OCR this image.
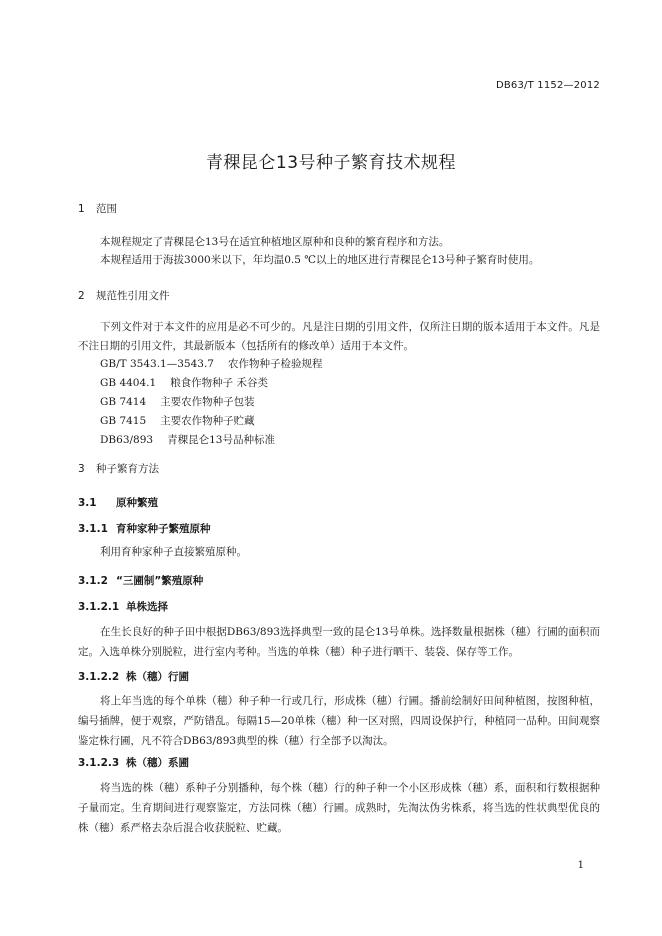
DB63/T 1152—2012
青稞昆仑13号种子繁育技术规程
1 范围
本规程规定了青稞昆仑13号在适宜种植地区原种和良种的繁育程序和方法。
本规程适用于海拔3000米以下，年均温0.5 ℃以上的地区进行青稞昆仑13号种子繁育时使用。
2 规范性引用文件
下列文件对于本文件的应用是必不可少的。凡是注日期的引用文件，仅所注日期的版本适用于本文件。凡是不注日期的引用文件，其最新版本（包括所有的修改单）适用于本文件。
GB/T 3543.1—3543.7 农作物种子检验规程
GB 4404.1 粮食作物种子 禾谷类
GB 7414 主要农作物种子包装
GB 7415 主要农作物种子贮藏
DB63/893 青稞昆仑13号品种标准
3 种子繁育方法
3.1 原种繁殖
3.1.1 育种家种子繁殖原种
利用育种家种子直接繁殖原种。
3.1.2 “三圃制”繁殖原种
3.1.2.1 单株选择
在生长良好的种子田中根据DB63/893选择典型一致的昆仑13号单株。选择数量根据株（穗）行圃的面积而定。入选单株分别脱粒，进行室内考种。当选的单株（穗）种子进行晒干、装袋、保存等工作。
3.1.2.2 株（穗）行圃
将上年当选的每个单株（穗）种子种一行或几行，形成株（穗）行圃。播前绘制好田间种植图，按图种植，编号插牌，便于观察，严防错乱。每隔15—20单株（穗）种一区对照，四周设保护行，种植同一品种。田间观察鉴定株行圃，凡不符合DB63/893典型的株（穗）行全部予以淘汰。
3.1.2.3 株（穗）系圃
将当选的株（穗）系种子分别播种，每个株（穗）行的种子种一个小区形成株（穗）系，面积和行数根据种子量而定。生育期间进行观察鉴定，方法同株（穗）行圃。成熟时，先淘汰伪劣株系，将当选的性状典型优良的株（穗）系严格去杂后混合收获脱粒、贮藏。
1
